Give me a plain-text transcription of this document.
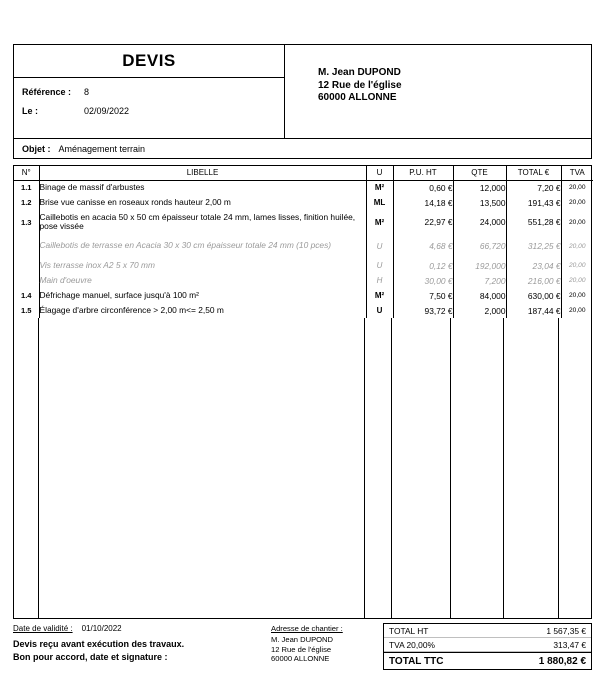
DEVIS
Référence :	8
Le :	02/09/2022
M. Jean DUPOND
12 Rue de l'église
60000 ALLONNE
Objet : Aménagement terrain
N°	LIBELLE	U	P.U. HT	QTE	TOTAL €	TVA
1.1	Binage de massif d'arbustes	M²	0,60 €	12,000	7,20 €	20,00
1.2	Brise vue canisse en roseaux ronds hauteur 2,00 m	ML	14,18 €	13,500	191,43 €	20,00
1.3	Caillebotis en acacia 50 x 50 cm épaisseur totale 24 mm, lames lisses, finition huilée, pose vissée	M²	22,97 €	24,000	551,28 €	20,00
	Caillebotis de terrasse en Acacia 30 x 30 cm épaisseur totale 24 mm (10 pces)	U	4,68 €	66,720	312,25 €	20,00
	Vis terrasse inox A2 5 x 70 mm	U	0,12 €	192,000	23,04 €	20,00
	Main d'oeuvre	H	30,00 €	7,200	216,00 €	20,00
1.4	Défrichage manuel, surface jusqu'à 100 m²	M²	7,50 €	84,000	630,00 €	20,00
1.5	Élagage d'arbre circonférence > 2,00 m<= 2,50 m	U	93,72 €	2,000	187,44 €	20,00
Date de validité : 01/10/2022
Devis reçu avant exécution des travaux.
Bon pour accord, date et signature :
Adresse de chantier :
M. Jean DUPOND
12 Rue de l'église
60000 ALLONNE
TOTAL HT	1 567,35 €
TVA 20,00%	313,47 €
TOTAL TTC	1 880,82 €
